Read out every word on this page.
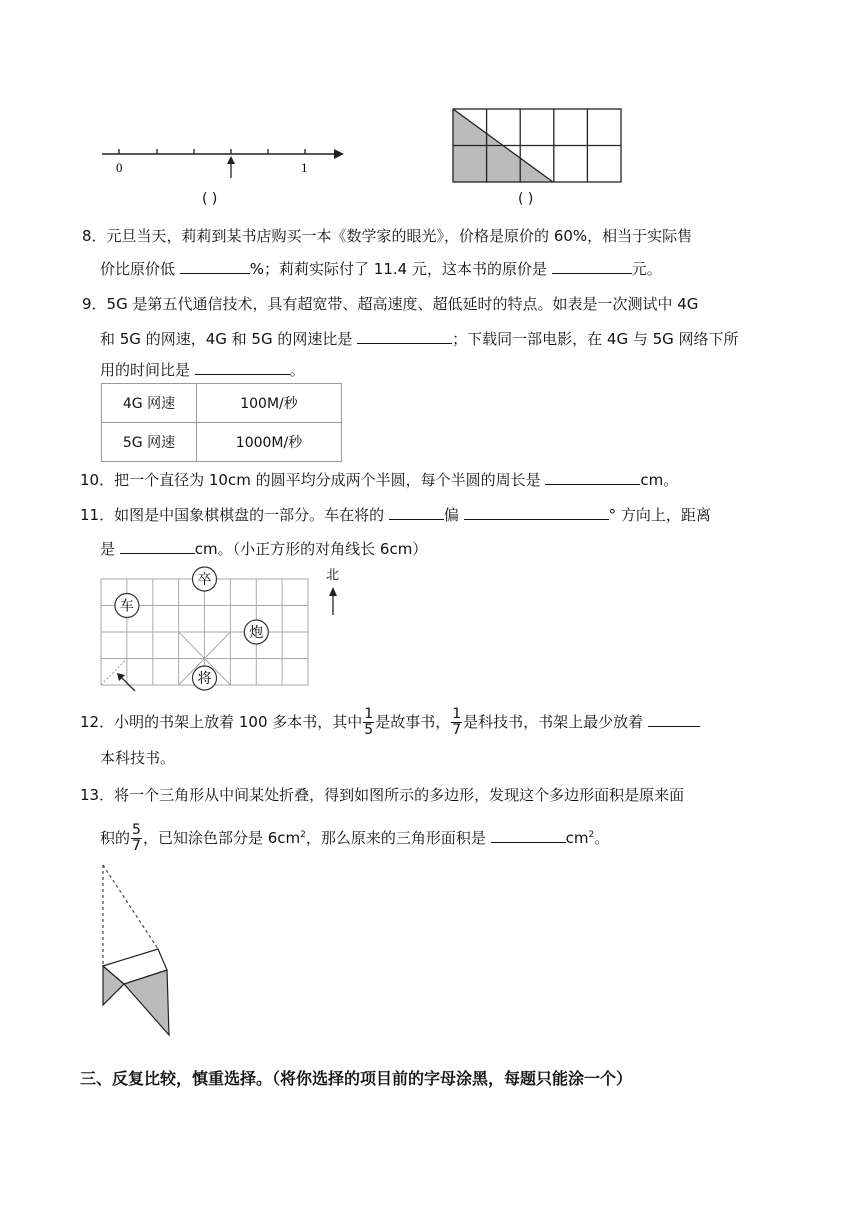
0	1
( )	( )
8．元旦当天，莉莉到某书店购买一本《数学家的眼光》，价格是原价的 60%，相当于实际售
价比原价低	%；莉莉实际付了 11.4 元，这本书的原价是	元。
9．5G 是第五代通信技术，具有超宽带、超高速度、超低延时的特点。如表是一次测试中 4G
和 5G 的网速，4G 和 5G 的网速比是	；下载同一部电影，在 4G 与 5G 网络下所
用的时间比是	。
4G 网速	100M/秒
5G 网速	1000M/秒
10．把一个直径为 10cm 的圆平均分成两个半圆，每个半圆的周长是	cm。
11．如图是中国象棋棋盘的一部分。车在将的	偏	° 方向上，距离
是	cm。（小正方形的对角线长 6cm）
卒
车
炮
将
北
12．小明的书架上放着 100 多本书，其中 $\frac{1}{5}$ 是故事书， $\frac{1}{7}$ 是科技书，书架上最少放着
本科技书。
13．将一个三角形从中间某处折叠，得到如图所示的多边形，发现这个多边形面积是原来面
积的 $\frac{5}{7}$ ，已知涂色部分是 $6cm^2$，那么原来的三角形面积是	$cm^2$。
三、反复比较，慎重选择。（将你选择的项目前的字母涂黑，每题只能涂一个）
